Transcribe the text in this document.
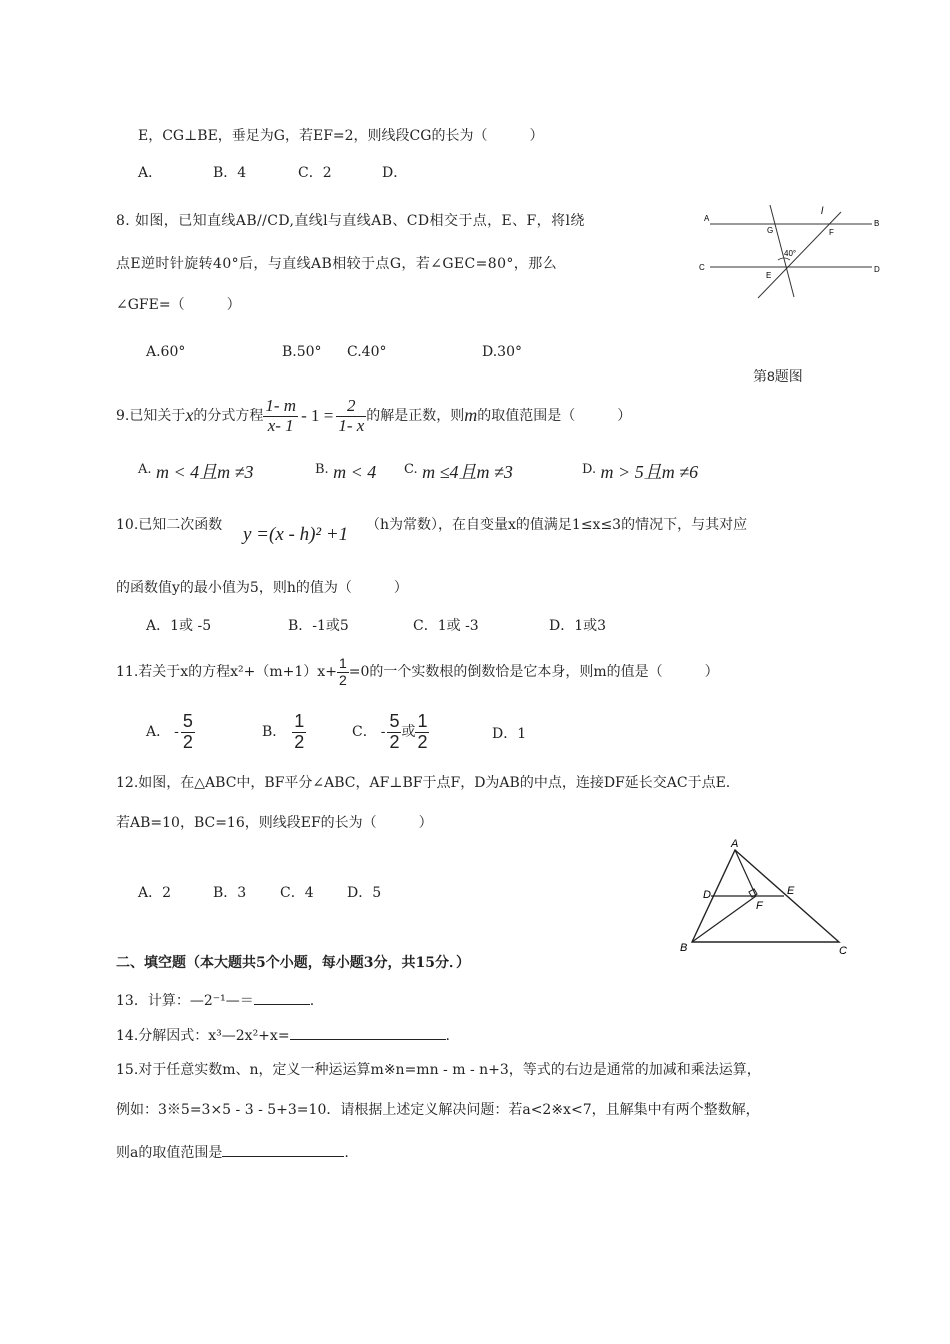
E，CG⊥BE，垂足为G，若EF=2，则线段CG的长为（　　　）
A．	B．4	C．2	D．
8. 如图，已知直线AB//CD,直线l与直线AB、CD相交于点，E、F，将l绕
点E逆时针旋转40°后，与直线AB相较于点G，若∠GEC=80°，那么
∠GFE=（　　　）
A.60°	B.50° C.40°	D.30°
第8题图
A
B
C	D
G	F
E
l
40°
9.已知关于 x 的分式方程 $\frac{1- m}{x- 1} - 1 = \frac{2}{1- x}$ 的解是正数，则 m 的取值范围是（　　　）
A. m < 4且m ≠3	B. m < 4 C. m ≤4且m ≠3	D. m > 5且m ≠6
10.已知二次函数 y =(x - h)² +1 （h为常数），在自变量x的值满足1≤x≤3的情况下，与其对应
的函数值y的最小值为5，则h的值为（　　　）
A．1或 -5	B．-1或5	C．1或 -3	D．1或3
11.若关于x的方程$x^2+(m+1)x+ \frac{1}{2} =0$的一个实数根的倒数恰是它本身，则m的值是（　　　）
A． - $\frac{5}{2}$	B． $\frac{1}{2}$	C． - $\frac{5}{2}$ 或 $\frac{1}{2}$	D．1
12.如图，在△ABC中，BF平分∠ABC，AF⊥BF于点F，D为AB的中点，连接DF延长交AC于点E.
若AB=10，BC=16，则线段EF的长为（　　　）
A．2	B．3 C．4 D．5
A
B	C
D	E
F
二、填空题（本大题共5个小题，每小题3分，共15分．）
13．计算：—2⁻¹—＝	.
14.分解因式：x³—2x²+x=	.
15.对于任意实数m、n，定义一种运运算m※n=mn - m - n+3，等式的右边是通常的加减和乘法运算，
例如：3※5=3×5 - 3 - 5+3=10．请根据上述定义解决问题：若a<2※x<7，且解集中有两个整数解，
则a的取值范围是	.
